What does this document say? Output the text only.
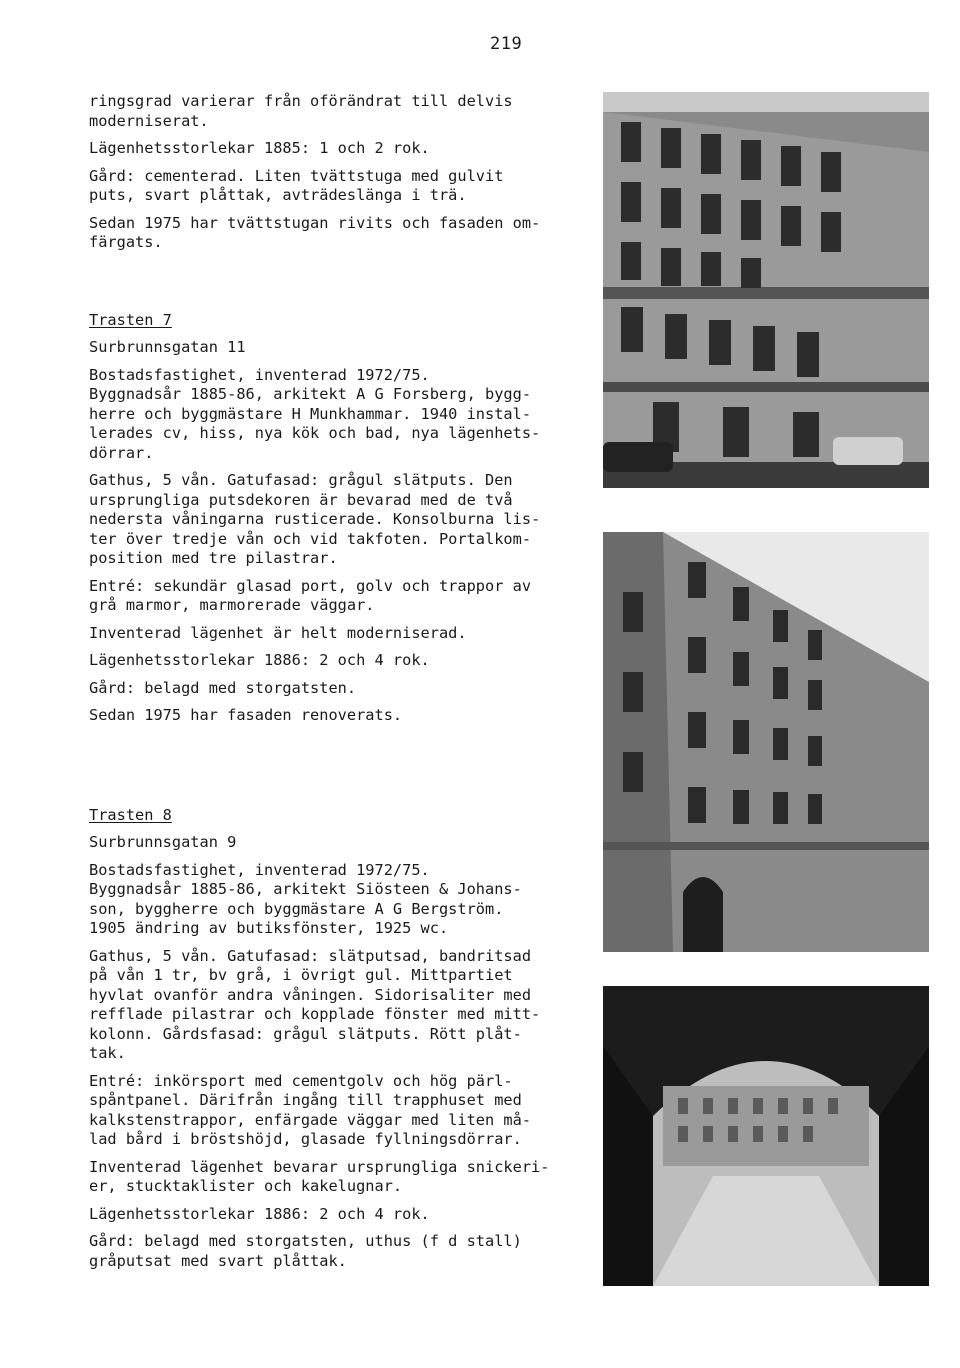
219

ringsgrad varierar från oförändrat till delvis
moderniserat.

Lägenhetsstorlekar 1885: 1 och 2 rok.

Gård: cementerad. Liten tvättstuga med gulvit
puts, svart plåttak, avträdeslänga i trä.

Sedan 1975 har tvättstugan rivits och fasaden om-
färgats.

Trasten 7

Surbrunnsgatan 11

Bostadsfastighet, inventerad 1972/75.
Byggnadsår 1885-86, arkitekt A G Forsberg, bygg-
herre och byggmästare H Munkhammar. 1940 instal-
lerades cv, hiss, nya kök och bad, nya lägenhets-
dörrar.

Gathus, 5 vån. Gatufasad: grågul slätputs. Den
ursprungliga putsdekoren är bevarad med de två
nedersta våningarna rusticerade. Konsolburna lis-
ter över tredje vån och vid takfoten. Portalkom-
position med tre pilastrar.

Entré: sekundär glasad port, golv och trappor av
grå marmor, marmorerade väggar.

Inventerad lägenhet är helt moderniserad.

Lägenhetsstorlekar 1886: 2 och 4 rok.

Gård: belagd med storgatsten.

Sedan 1975 har fasaden renoverats.

Trasten 8

Surbrunnsgatan 9

Bostadsfastighet, inventerad 1972/75.
Byggnadsår 1885-86, arkitekt Siösteen & Johans-
son, byggherre och byggmästare A G Bergström.
1905 ändring av butiksfönster, 1925 wc.

Gathus, 5 vån. Gatufasad: slätputsad, bandritsad
på vån 1 tr, bv grå, i övrigt gul. Mittpartiet
hyvlat ovanför andra våningen. Sidorisaliter med
refflade pilastrar och kopplade fönster med mitt-
kolonn. Gårdsfasad: grågul slätputs. Rött plåt-
tak.

Entré: inkörsport med cementgolv och hög pärl-
spåntpanel. Därifrån ingång till trapphuset med
kalkstenstrappor, enfärgade väggar med liten må-
lad bård i bröstshöjd, glasade fyllningsdörrar.

Inventerad lägenhet bevarar ursprungliga snickeri-
er, stucktaklister och kakelugnar.

Lägenhetsstorlekar 1886: 2 och 4 rok.

Gård: belagd med storgatsten, uthus (f d stall)
gråputsat med svart plåttak.
